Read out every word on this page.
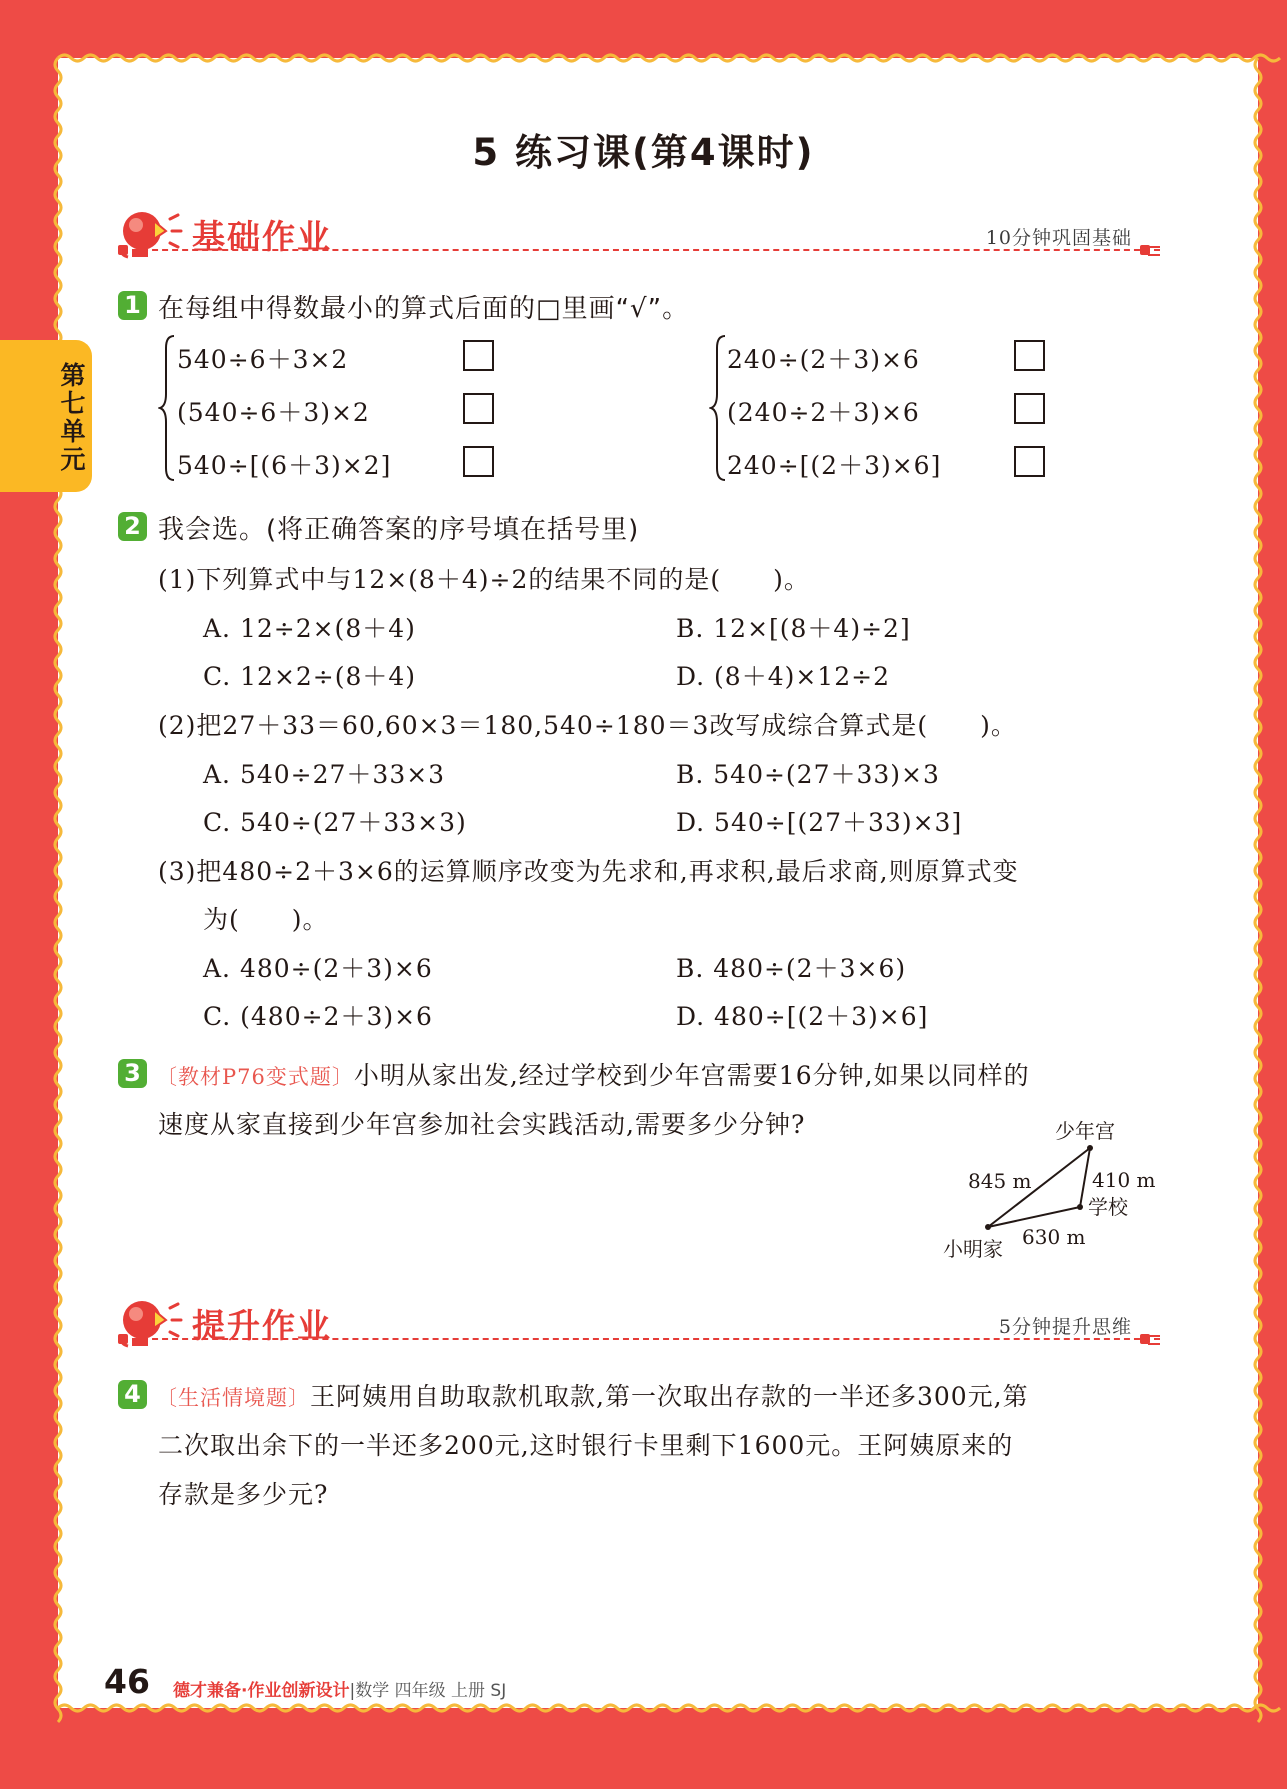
第七单元
5 练习课(第4课时)
基础作业	10分钟巩固基础
1 在每组中得数最小的算式后面的□里画“√”。
540÷6＋3×2
(540÷6＋3)×2
540÷[(6＋3)×2]
240÷(2＋3)×6
(240÷2＋3)×6
240÷[(2＋3)×6]
2 我会选。(将正确答案的序号填在括号里)
(1)下列算式中与12×(8＋4)÷2的结果不同的是(　　)。
A. 12÷2×(8＋4)	B. 12×[(8＋4)÷2]
C. 12×2÷(8＋4)	D. (8＋4)×12÷2
(2)把27＋33＝60,60×3＝180,540÷180＝3改写成综合算式是(　　)。
A. 540÷27＋33×3	B. 540÷(27＋33)×3
C. 540÷(27＋33×3)	D. 540÷[(27＋33)×3]
(3)把480÷2＋3×6的运算顺序改变为先求和,再求积,最后求商,则原算式变
为(　　)。
A. 480÷(2＋3)×6	B. 480÷(2＋3×6)
C. (480÷2＋3)×6	D. 480÷[(2＋3)×6]
3 〔教材P76变式题〕小明从家出发,经过学校到少年宫需要16分钟,如果以同样的
速度从家直接到少年宫参加社会实践活动,需要多少分钟?	少年宫
学校
小明家
845 m	410 m
630 m
提升作业	5分钟提升思维
4 〔生活情境题〕王阿姨用自助取款机取款,第一次取出存款的一半还多300元,第
二次取出余下的一半还多200元,这时银行卡里剩下1600元。王阿姨原来的
存款是多少元?
46 德才兼备·作业创新设计|数学 四年级 上册 SJ
